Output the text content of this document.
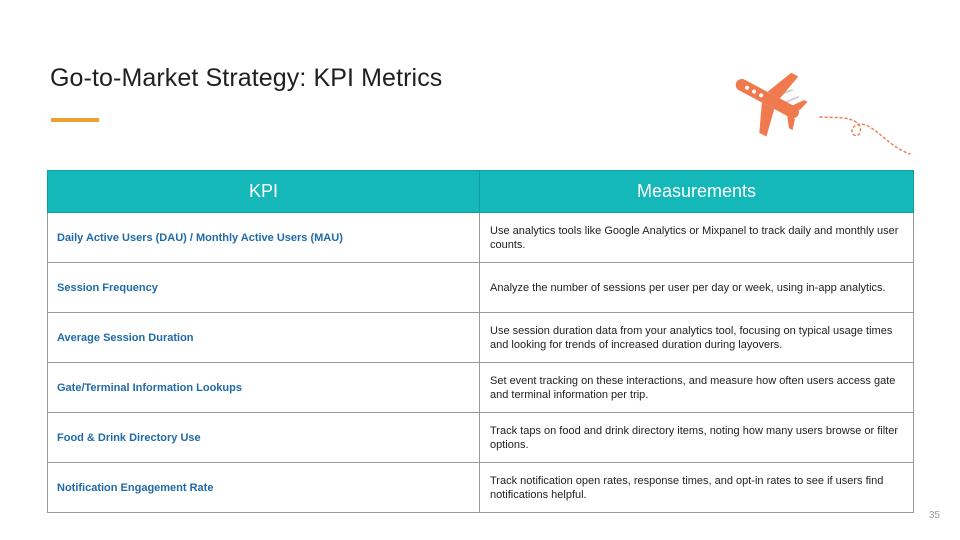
Go-to-Market Strategy: KPI Metrics
KPI	Measurements
Daily Active Users (DAU) / Monthly Active Users (MAU)	Use analytics tools like Google Analytics or Mixpanel to track daily and monthly user counts.
Session Frequency	Analyze the number of sessions per user per day or week, using in-app analytics.
Average Session Duration	Use session duration data from your analytics tool, focusing on typical usage times and looking for trends of increased duration during layovers.
Gate/Terminal Information Lookups	Set event tracking on these interactions, and measure how often users access gate and terminal information per trip.
Food & Drink Directory Use	Track taps on food and drink directory items, noting how many users browse or filter options.
Notification Engagement Rate	Track notification open rates, response times, and opt-in rates to see if users find notifications helpful.
35
